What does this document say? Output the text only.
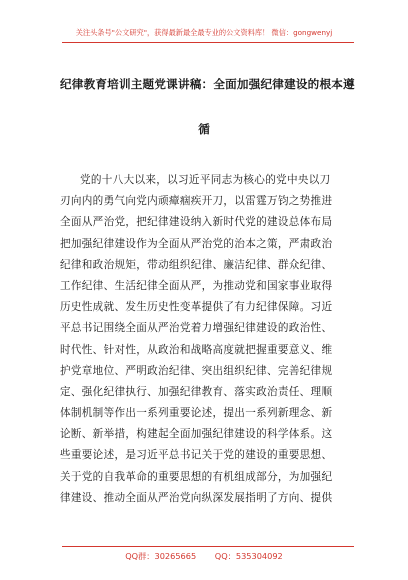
关注头条号"公文研究"，获得最新最全最专业的公文资料库！ 微信：gongwenyj
纪律教育培训主题党课讲稿：全面加强纪律建设的根本遵
循
党的十八大以来，以习近平同志为核心的党中央以刀
刃向内的勇气向党内顽瘴痼疾开刀，以雷霆万钧之势推进
全面从严治党，把纪律建设纳入新时代党的建设总体布局
把加强纪律建设作为全面从严治党的治本之策，严肃政治
纪律和政治规矩，带动组织纪律、廉洁纪律、群众纪律、
工作纪律、生活纪律全面从严，为推动党和国家事业取得
历史性成就、发生历史性变革提供了有力纪律保障。习近
平总书记围绕全面从严治党着力增强纪律建设的政治性、
时代性、针对性，从政治和战略高度就把握重要意义、维
护党章地位、严明政治纪律、突出组织纪律、完善纪律规
定、强化纪律执行、加强纪律教育、落实政治责任、理顺
体制机制等作出一系列重要论述，提出一系列新理念、新
论断、新举措，构建起全面加强纪律建设的科学体系。这
些重要论述，是习近平总书记关于党的建设的重要思想、
关于党的自我革命的重要思想的有机组成部分，为加强纪
律建设、推动全面从严治党向纵深发展指明了方向、提供
QQ群：30265665 QQ：535304092
